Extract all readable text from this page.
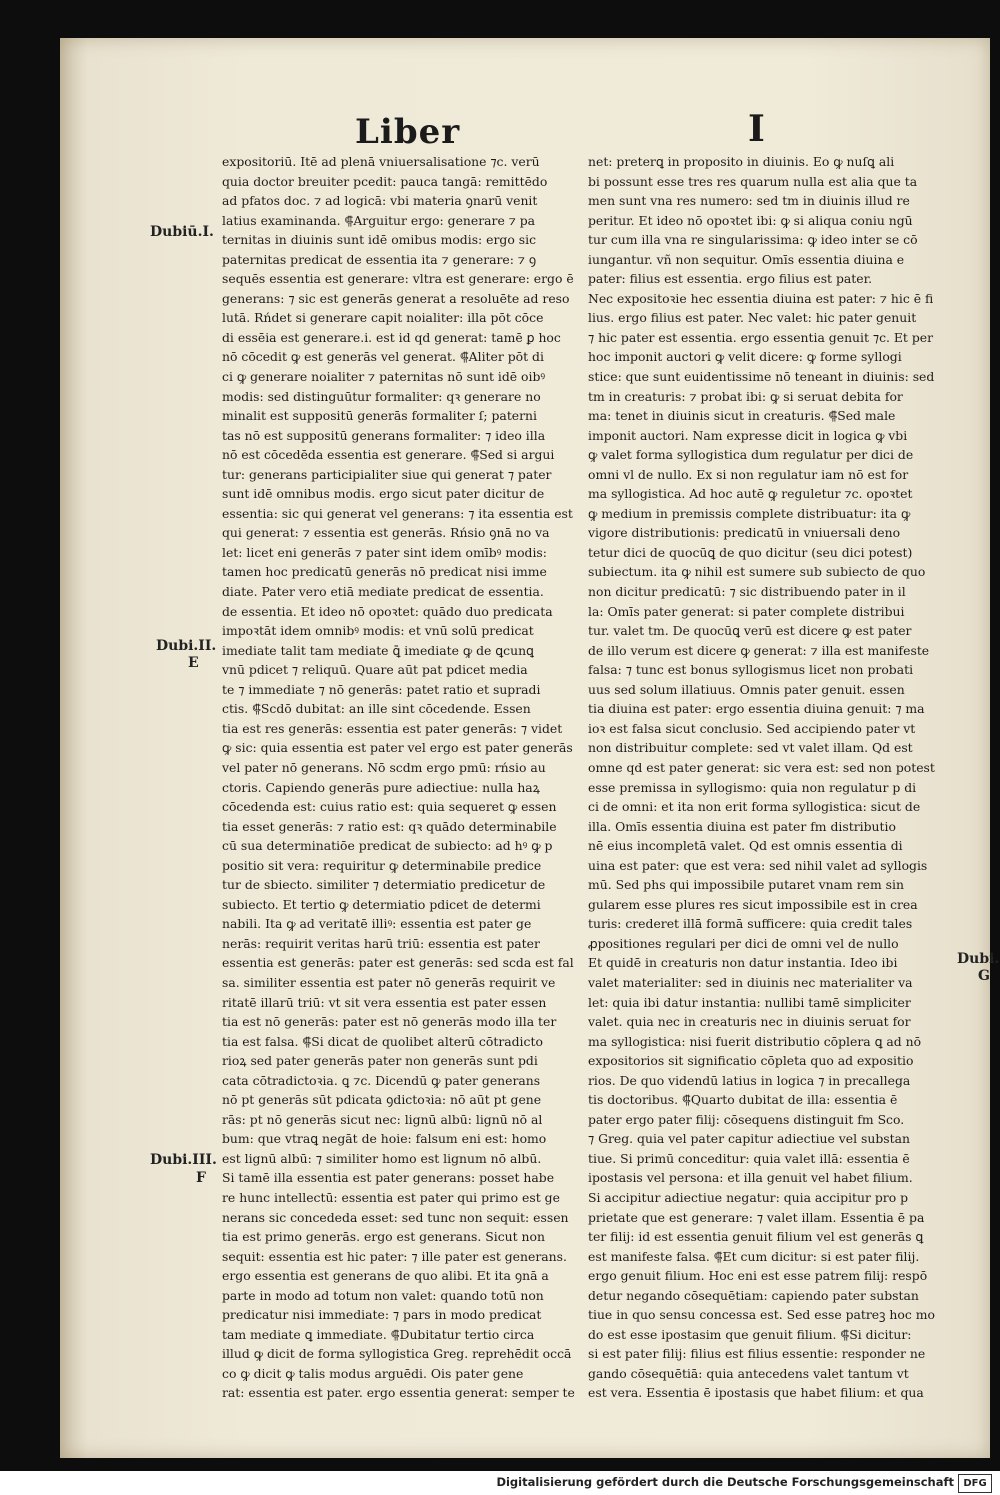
Liber	I
expositoriū. Itē ad plenā vniuersalisatione ⁊c. verū
quia doctor breuiter pcedit: pauca tangā: remittēdo
ad pfatos doc. ⁊ ad logicā: vbi materia ꝯnarū venit
latius examinanda. ⸿Arguitur ergo: generare ⁊ pa
ternitas in diuinis sunt idē omibus modis: ergo sic
paternitas predicat de essentia ita ⁊ generare: ⁊ ꝯ
sequēs essentia est generare: vltra est generare: ergo ē
generans: ⁊ sic est generās generat a resoluēte ad reso
lutā. Rńdet si generare capit noialiter: illa pōt cōce
di essēia est generare.i. est id qd generat: tamē ꝑ hoc
nō cōcedit ꝙ est generās vel generat. ⸿Aliter pōt di
ci ꝙ generare noialiter ⁊ paternitas nō sunt idē oibꝰ
modis: sed distinguūtur formaliter: qꝛ generare no
minalit est suppositū generās formaliter ſ; paterni
tas nō est suppositū generans formaliter: ⁊ ideo illa
nō est cōcedēda essentia est generare. ⸿Sed si argui
tur: generans participialiter siue qui generat ⁊ pater
sunt idē omnibus modis. ergo sicut pater dicitur de
essentia: sic qui generat vel generans: ⁊ ita essentia est
qui generat: ⁊ essentia est generās. Rńsio ꝯnā no va
let: licet eni generās ⁊ pater sint idem omībꝰ modis:
tamen hoc predicatū generās nō predicat nisi imme
diate. Pater vero etiā mediate predicat de essentia.
de essentia. Et ideo nō opoꝛtet: quādo duo predicata
impoꝛtāt idem omnibꝰ modis: et vnū solū predicat
imediate talit tam mediate ꝗ̄ imediate ꝙ de ꝗcunꝗ
vnū pdicet ⁊ reliquū. Quare aūt pat pdicet media
te ⁊ immediate ⁊ nō generās: patet ratio et supradi
ctis. ⸿Scdō dubitat: an ille sint cōcedende. Essen
tia est res generās: essentia est pater generās: ⁊ videt
ꝙ sic: quia essentia est pater vel ergo est pater generās
vel pater nō generans. Nō scdm ergo pmū: rńsio au
ctoris. Capiendo generās pure adiectiue: nulla haꝝ
cōcedenda est: cuius ratio est: quia sequeret ꝙ essen
tia esset generās: ⁊ ratio est: qꝛ quādo determinabile
cū sua determinatiōe predicat de subiecto: ad hꝰ ꝙ p
positio sit vera: requiritur ꝙ determinabile predice
tur de sbiecto. similiter ⁊ determiatio predicetur de
subiecto. Et tertio ꝙ determiatio pdicet de determi
nabili. Ita ꝙ ad veritatē illiꝰ: essentia est pater ge
nerās: requirit veritas harū triū: essentia est pater
essentia est generās: pater est generās: sed scda est fal
sa. similiter essentia est pater nō generās requirit ve
ritatē illarū triū: vt sit vera essentia est pater essen
tia est nō generās: pater est nō generās modo illa ter
tia est falsa. ⸿Si dicat de quolibet alterū cōtradicto
rioꝝ sed pater generās pater non generās sunt pdi
cata cōtradictoꝛia. ꝗ ⁊c. Dicendū ꝙ pater generans
nō pt generās sūt pdicata ꝯdictoꝛia: nō aūt pt gene
rās: pt nō generās sicut nec: lignū albū: lignū nō al
bum: que vtraꝗ negāt de hoie: falsum eni est: homo
est lignū albū: ⁊ similiter homo est lignum nō albū.
Si tamē illa essentia est pater generans: posset habe
re hunc intellectū: essentia est pater qui primo est ge
nerans sic concededa esset: sed tunc non sequit: essen
tia est primo generās. ergo est generans. Sicut non
sequit: essentia est hic pater: ⁊ ille pater est generans.
ergo essentia est generans de quo alibi. Et ita ꝯnā a
parte in modo ad totum non valet: quando totū non
predicatur nisi immediate: ⁊ pars in modo predicat
tam mediate ꝗ immediate. ⸿Dubitatur tertio circa
illud ꝙ dicit de forma syllogistica Greg. reprehēdit occā
co ꝙ dicit ꝙ talis modus arguēdi. Ois pater gene
rat: essentia est pater. ergo essentia generat: semper te
net: preterꝗ in proposito in diuinis. Eo ꝙ nuſꝗ ali
bi possunt esse tres res quarum nulla est alia que ta
men sunt vna res numero: sed tm in diuinis illud re
peritur. Et ideo nō opoꝛtet ibi: ꝙ si aliqua coniu ngū
tur cum illa vna re singularissima: ꝙ ideo inter se cō
iungantur. vñ non sequitur. Omīs essentia diuina e
pater: filius est essentia. ergo filius est pater.
Nec expositoꝛie hec essentia diuina est pater: ⁊ hic ē fi
lius. ergo filius est pater. Nec valet: hic pater genuit
⁊ hic pater est essentia. ergo essentia genuit ⁊c. Et per
hoc imponit auctori ꝙ velit dicere: ꝙ forme syllogi
stice: que sunt euidentissime nō teneant in diuinis: sed
tm in creaturis: ⁊ probat ibi: ꝙ si seruat debita for
ma: tenet in diuinis sicut in creaturis. ⸿Sed male
imponit auctori. Nam expresse dicit in logica ꝙ vbi
ꝙ valet forma syllogistica dum regulatur per dici de
omni vl de nullo. Ex si non regulatur iam nō est for
ma syllogistica. Ad hoc autē ꝙ reguletur ⁊c. opoꝛtet
ꝙ medium in premissis complete distribuatur: ita ꝙ
vigore distributionis: predicatū in vniuersali deno
tetur dici de quocūꝗ de quo dicitur (seu dici potest)
subiectum. ita ꝙ nihil est sumere sub subiecto de quo
non dicitur predicatū: ⁊ sic distribuendo pater in il
la: Omīs pater generat: si pater complete distribui
tur. valet tm. De quocūꝗ verū est dicere ꝙ est pater
de illo verum est dicere ꝙ generat: ⁊ illa est manifeste
falsa: ⁊ tunc est bonus syllogismus licet non probati
uus sed solum illatiuus. Omnis pater genuit. essen
tia diuina est pater: ergo essentia diuina genuit: ⁊ ma
ioꝛ est falsa sicut conclusio. Sed accipiendo pater vt
non distribuitur complete: sed vt valet illam. Qd est
omne qd est pater generat: sic vera est: sed non potest
esse premissa in syllogismo: quia non regulatur p di
ci de omni: et ita non erit forma syllogistica: sicut de
illa. Omīs essentia diuina est pater fm distributio
nē eius incompletā valet. Qd est omnis essentia di
uina est pater: que est vera: sed nihil valet ad syllogis
mū. Sed phs qui impossibile putaret vnam rem sin
gularem esse plures res sicut impossibile est in crea
turis: crederet illā formā sufficere: quia credit tales
ꝓpositiones regulari per dici de omni vel de nullo
Et quidē in creaturis non datur instantia. Ideo ibi
valet materialiter: sed in diuinis nec materialiter va
let: quia ibi datur instantia: nullibi tamē simpliciter
valet. quia nec in creaturis nec in diuinis seruat for
ma syllogistica: nisi fuerit distributio cōplera ꝗ ad nō
expositorios sit significatio cōpleta quo ad expositio
rios. De quo videndū latius in logica ⁊ in precallega
tis doctoribus. ⸿Quarto dubitat de illa: essentia ē
pater ergo pater filij: cōsequens distinguit fm Sco.
⁊ Greg. quia vel pater capitur adiectiue vel substan
tiue. Si primū conceditur: quia valet illā: essentia ē
ipostasis vel persona: et illa genuit vel habet filium.
Si accipitur adiectiue negatur: quia accipitur pro p
prietate que est generare: ⁊ valet illam. Essentia ē pa
ter filij: id est essentia genuit filium vel est generās ꝗ
est manifeste falsa. ⸿Et cum dicitur: si est pater filij.
ergo genuit filium. Hoc eni est esse patrem filij: respō
detur negando cōsequētiam: capiendo pater substan
tiue in quo sensu concessa est. Sed esse patreꝫ hoc mo
do est esse ipostasim que genuit filium. ⸿Si dicitur:
si est pater filij: filius est filius essentie: responder ne
gando cōsequētiā: quia antecedens valet tantum vt
est vera. Essentia ē ipostasis que habet filium: et qua
Dubiū.I.
Dubi.II.
E
Dubi.III.
F
Dubi.
G
Digitalisierung gefördert durch die Deutsche Forschungsgemeinschaft DFG
